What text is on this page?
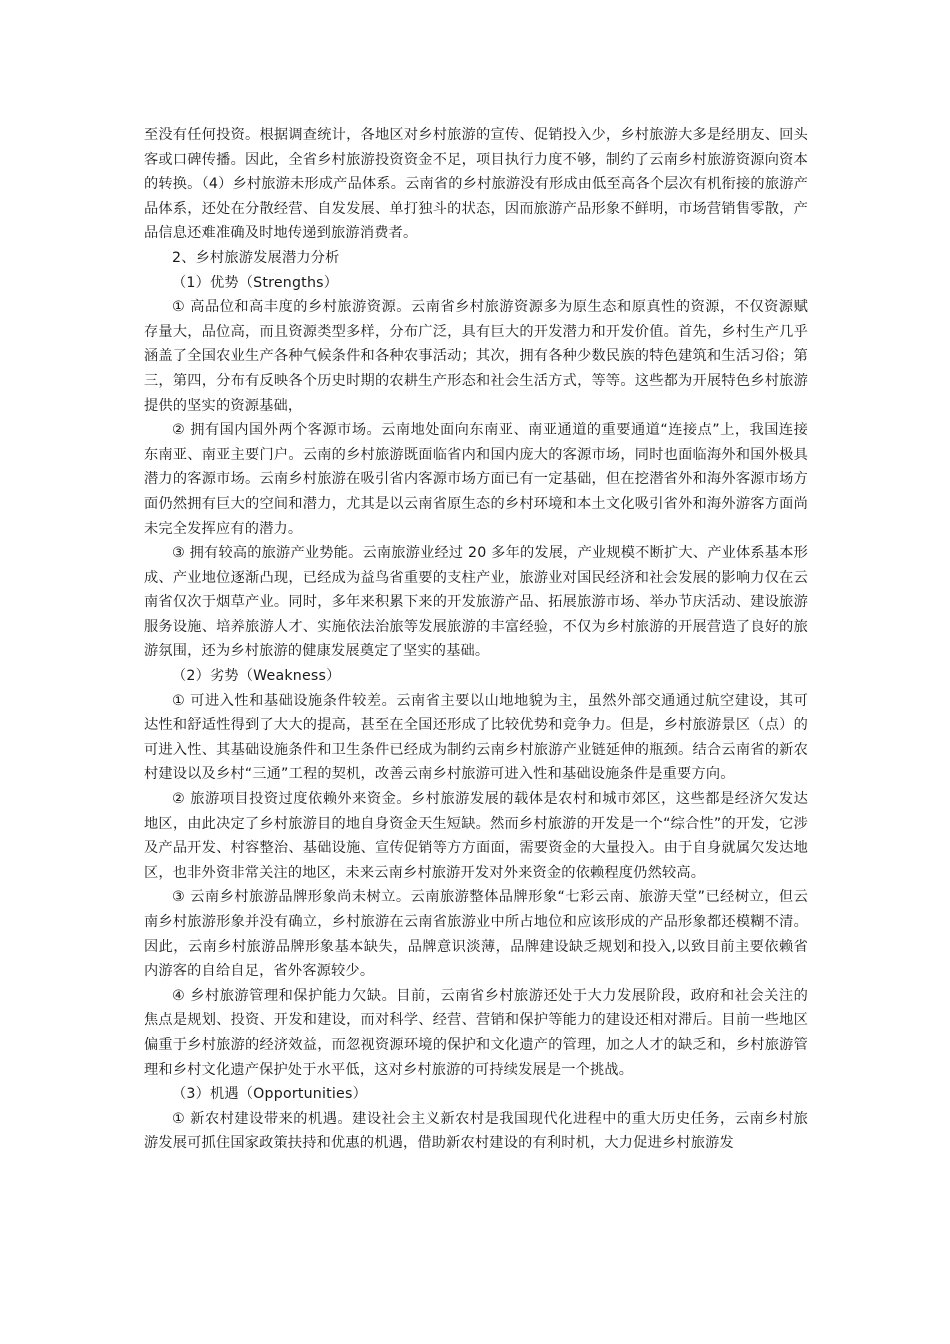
至没有任何投资。根据调查统计，各地区对乡村旅游的宣传、促销投入少，乡村旅游大多是经朋友、回头客或口碑传播。因此，全省乡村旅游投资资金不足，项目执行力度不够，制约了云南乡村旅游资源向资本的转换。（4）乡村旅游未形成产品体系。云南省的乡村旅游没有形成由低至高各个层次有机衔接的旅游产品体系，还处在分散经营、自发发展、单打独斗的状态，因而旅游产品形象不鲜明，市场营销售零散，产品信息还难准确及时地传递到旅游消费者。

2、乡村旅游发展潜力分析

（1）优势（Strengths）

① 高品位和高丰度的乡村旅游资源。云南省乡村旅游资源多为原生态和原真性的资源，不仅资源赋存量大，品位高，而且资源类型多样，分布广泛，具有巨大的开发潜力和开发价值。首先，乡村生产几乎涵盖了全国农业生产各种气候条件和各种农事活动；其次，拥有各种少数民族的特色建筑和生活习俗；第三，第四，分布有反映各个历史时期的农耕生产形态和社会生活方式，等等。这些都为开展特色乡村旅游提供的坚实的资源基础，

② 拥有国内国外两个客源市场。云南地处面向东南亚、南亚通道的重要通道“连接点”上，我国连接东南亚、南亚主要门户。云南的乡村旅游既面临省内和国内庞大的客源市场，同时也面临海外和国外极具潜力的客源市场。云南乡村旅游在吸引省内客源市场方面已有一定基础，但在挖潜省外和海外客源市场方面仍然拥有巨大的空间和潜力，尤其是以云南省原生态的乡村环境和本土文化吸引省外和海外游客方面尚未完全发挥应有的潜力。

③ 拥有较高的旅游产业势能。云南旅游业经过 20 多年的发展，产业规模不断扩大、产业体系基本形成、产业地位逐渐凸现，已经成为益鸟省重要的支柱产业，旅游业对国民经济和社会发展的影响力仅在云南省仅次于烟草产业。同时，多年来积累下来的开发旅游产品、拓展旅游市场、举办节庆活动、建设旅游服务设施、培养旅游人才、实施依法治旅等发展旅游的丰富经验，不仅为乡村旅游的开展营造了良好的旅游氛围，还为乡村旅游的健康发展奠定了坚实的基础。

（2）劣势（Weakness）

① 可进入性和基础设施条件较差。云南省主要以山地地貌为主，虽然外部交通通过航空建设，其可达性和舒适性得到了大大的提高，甚至在全国还形成了比较优势和竞争力。但是，乡村旅游景区（点）的可进入性、其基础设施条件和卫生条件已经成为制约云南乡村旅游产业链延伸的瓶颈。结合云南省的新农村建设以及乡村“三通”工程的契机，改善云南乡村旅游可进入性和基础设施条件是重要方向。

② 旅游项目投资过度依赖外来资金。乡村旅游发展的载体是农村和城市郊区，这些都是经济欠发达地区，由此决定了乡村旅游目的地自身资金天生短缺。然而乡村旅游的开发是一个“综合性”的开发，它涉及产品开发、村容整治、基础设施、宣传促销等方方面面，需要资金的大量投入。由于自身就属欠发达地区，也非外资非常关注的地区，未来云南乡村旅游开发对外来资金的依赖程度仍然较高。

③ 云南乡村旅游品牌形象尚未树立。云南旅游整体品牌形象“七彩云南、旅游天堂”已经树立，但云南乡村旅游形象并没有确立，乡村旅游在云南省旅游业中所占地位和应该形成的产品形象都还模糊不清。因此，云南乡村旅游品牌形象基本缺失，品牌意识淡薄，品牌建设缺乏规划和投入,以致目前主要依赖省内游客的自给自足，省外客源较少。

④ 乡村旅游管理和保护能力欠缺。目前，云南省乡村旅游还处于大力发展阶段，政府和社会关注的焦点是规划、投资、开发和建设，而对科学、经营、营销和保护等能力的建设还相对滞后。目前一些地区偏重于乡村旅游的经济效益，而忽视资源环境的保护和文化遗产的管理，加之人才的缺乏和，乡村旅游管理和乡村文化遗产保护处于水平低，这对乡村旅游的可持续发展是一个挑战。

（3）机遇（Opportunities）

① 新农村建设带来的机遇。建设社会主义新农村是我国现代化进程中的重大历史任务，云南乡村旅游发展可抓住国家政策扶持和优惠的机遇，借助新农村建设的有利时机，大力促进乡村旅游发
